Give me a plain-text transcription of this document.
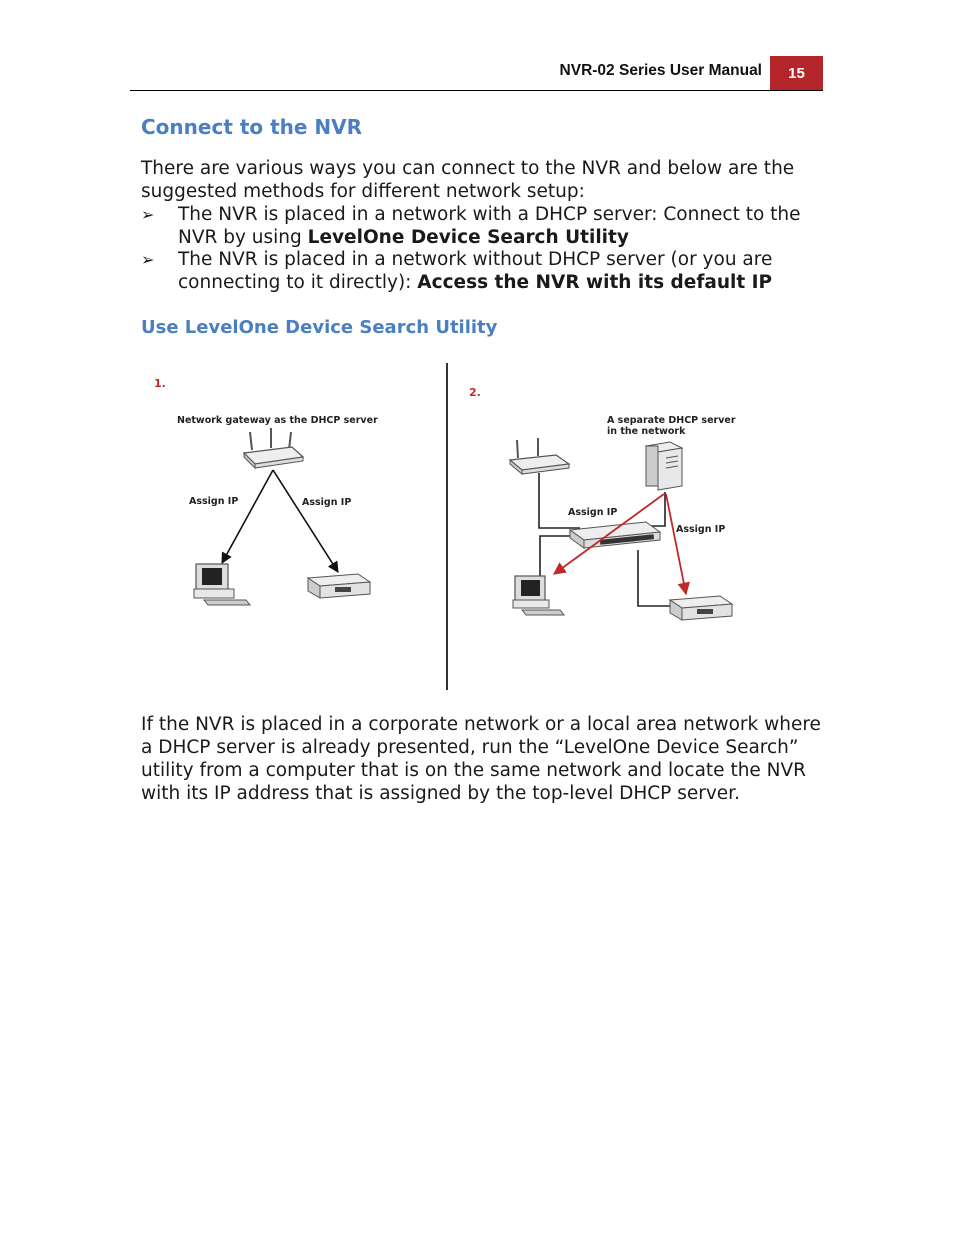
NVR-02 Series User Manual	15
Connect to the NVR

There are various ways you can connect to the NVR and below are the suggested methods for different network setup:

➢ The NVR is placed in a network with a DHCP server: Connect to the NVR by using LevelOne Device Search Utility
➢ The NVR is placed in a network without DHCP server (or you are connecting to it directly): Access the NVR with its default IP
Use LevelOne Device Search Utility
1.
Network gateway as the DHCP server
Assign IP	Assign IP
2.
A separate DHCP server
in the network
Assign IP
Assign IP

If the NVR is placed in a corporate network or a local area network where a DHCP server is already presented, run the “LevelOne Device Search” utility from a computer that is on the same network and locate the NVR with its IP address that is assigned by the top-level DHCP server.
